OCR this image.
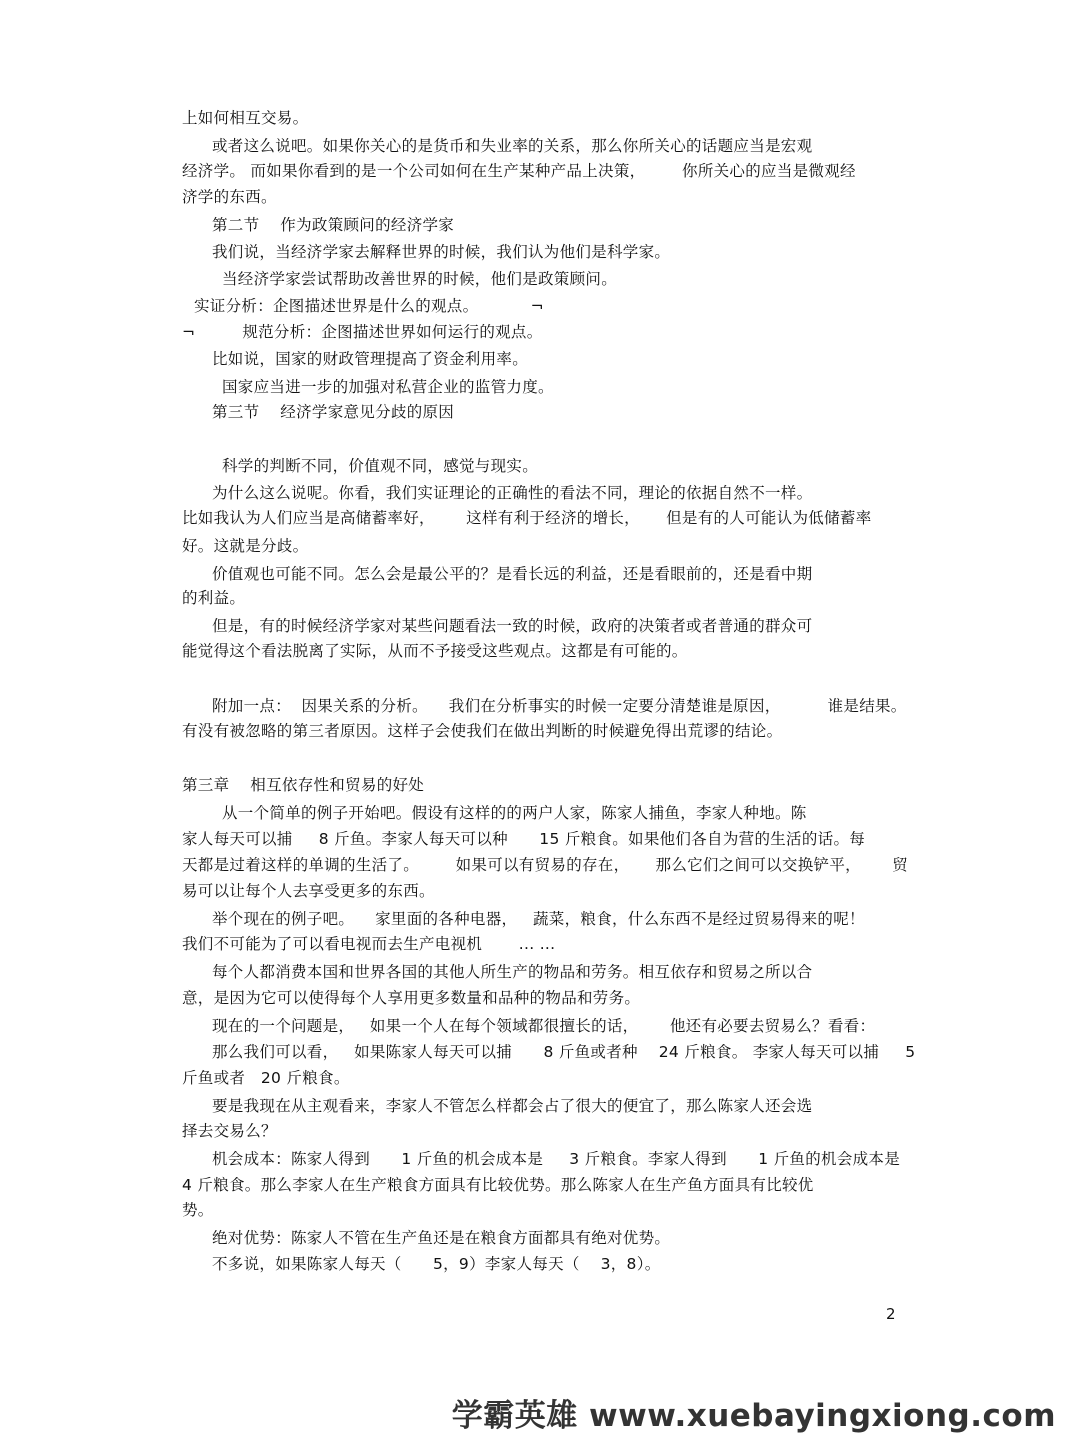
上如何相互交易。
或者这么说吧。如果你关心的是货币和失业率的关系，那么你所关心的话题应当是宏观
经济学。 而如果你看到的是一个公司如何在生产某种产品上决策，       你所关心的应当是微观经
济学的东西。
第二节    作为政策顾问的经济学家
我们说，当经济学家去解释世界的时候，我们认为他们是科学家。
当经济学家尝试帮助改善世界的时候，他们是政策顾问。
实证分析：企图描述世界是什么的观点。          ¬
¬         规范分析：企图描述世界如何运行的观点。
比如说，国家的财政管理提高了资金利用率。
国家应当进一步的加强对私营企业的监管力度。
第三节    经济学家意见分歧的原因
科学的判断不同，价值观不同，感觉与现实。
为什么这么说呢。你看，我们实证理论的正确性的看法不同，理论的依据自然不一样。
比如我认为人们应当是高储蓄率好，      这样有利于经济的增长，     但是有的人可能认为低储蓄率
好。这就是分歧。
价值观也可能不同。怎么会是最公平的？是看长远的利益，还是看眼前的，还是看中期
的利益。
但是，有的时候经济学家对某些问题看法一致的时候，政府的决策者或者普通的群众可
能觉得这个看法脱离了实际，从而不予接受这些观点。这都是有可能的。
附加一点：  因果关系的分析。    我们在分析事实的时候一定要分清楚谁是原因，         谁是结果。
有没有被忽略的第三者原因。这样子会使我们在做出判断的时候避免得出荒谬的结论。
第三章    相互依存性和贸易的好处
从一个简单的例子开始吧。假设有这样的的两户人家，陈家人捕鱼，李家人种地。陈
家人每天可以捕     8 斤鱼。李家人每天可以种      15 斤粮食。如果他们各自为营的生活的话。每
天都是过着这样的单调的生活了。       如果可以有贸易的存在，     那么它们之间可以交换铲平，      贸
易可以让每个人去享受更多的东西。
举个现在的例子吧。    家里面的各种电器，   蔬菜，粮食，什么东西不是经过贸易得来的呢！
我们不可能为了可以看电视而去生产电视机       ... ...
每个人都消费本国和世界各国的其他人所生产的物品和劳务。相互依存和贸易之所以合
意，是因为它可以使得每个人享用更多数量和品种的物品和劳务。
现在的一个问题是，   如果一个人在每个领域都很擅长的话，      他还有必要去贸易么？看看：
那么我们可以看，   如果陈家人每天可以捕      8 斤鱼或者种    24 斤粮食。 李家人每天可以捕     5
斤鱼或者   20 斤粮食。
要是我现在从主观看来，李家人不管怎么样都会占了很大的便宜了，那么陈家人还会选
择去交易么？
机会成本：陈家人得到      1 斤鱼的机会成本是     3 斤粮食。李家人得到      1 斤鱼的机会成本是
4 斤粮食。那么李家人在生产粮食方面具有比较优势。那么陈家人在生产鱼方面具有比较优
势。
绝对优势：陈家人不管在生产鱼还是在粮食方面都具有绝对优势。
不多说，如果陈家人每天（      5，9）李家人每天（    3，8）。
2
学霸英雄 www.xuebayingxiong.com
